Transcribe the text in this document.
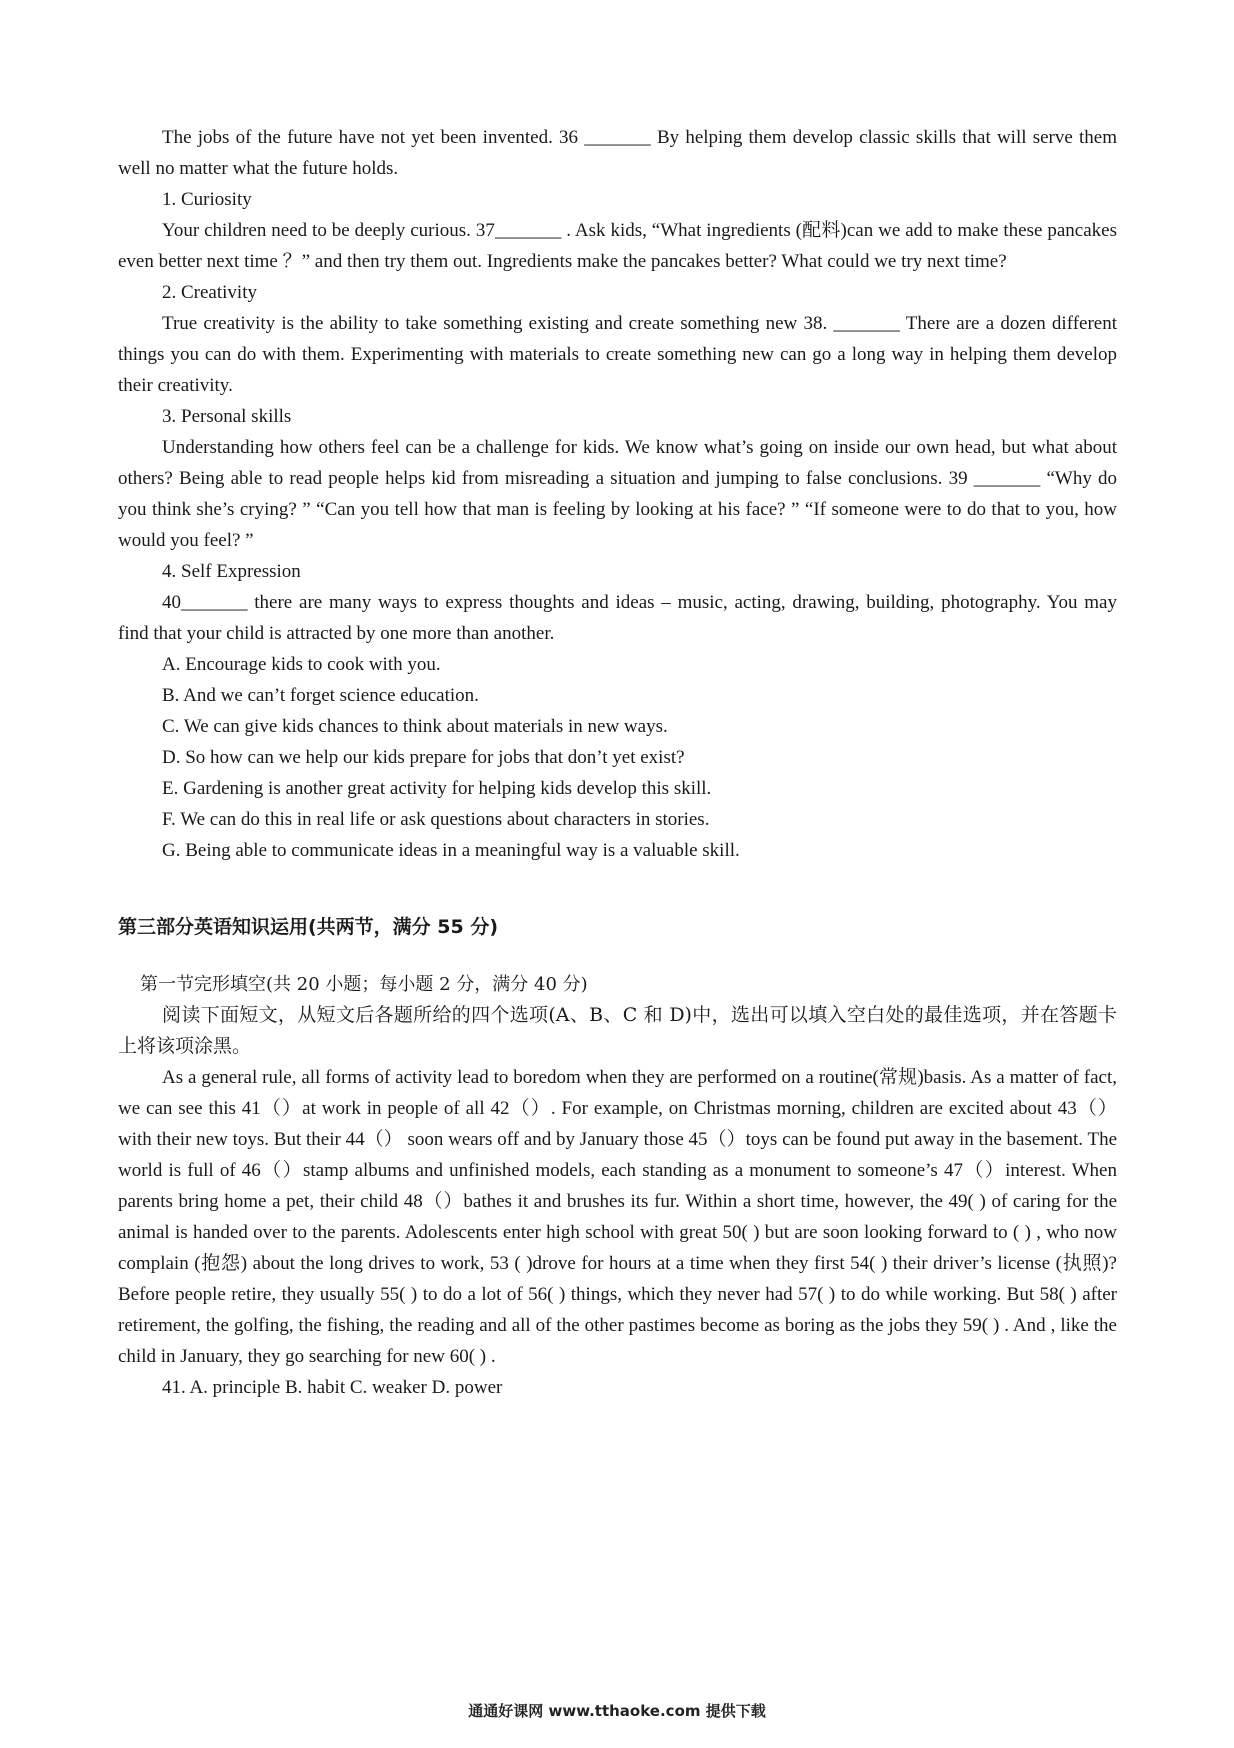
The jobs of the future have not yet been invented. 36 _______ By helping them develop classic skills that will serve them well no matter what the future holds.

1. Curiosity

Your children need to be deeply curious. 37_______ . Ask kids, “What ingredients (配料)can we add to make these pancakes even better next time ？” and then try them out. Ingredients make the pancakes better? What could we try next time?

2. Creativity

True creativity is the ability to take something existing and create something new 38. _______ There are a dozen different things you can do with them. Experimenting with materials to create something new can go a long way in helping them develop their creativity.

3. Personal skills

Understanding how others feel can be a challenge for kids. We know what’s going on inside our own head, but what about others? Being able to read people helps kid from misreading a situation and jumping to false conclusions. 39 _______ “Why do you think she’s crying? ” “Can you tell how that man is feeling by looking at his face? ” “If someone were to do that to you, how would you feel? ”

4. Self Expression

40_______ there are many ways to express thoughts and ideas – music, acting, drawing, building, photography. You may find that your child is attracted by one more than another.

A. Encourage kids to cook with you.

B. And we can’t forget science education.

C. We can give kids chances to think about materials in new ways.

D. So how can we help our kids prepare for jobs that don’t yet exist?

E. Gardening is another great activity for helping kids develop this skill.

F. We can do this in real life or ask questions about characters in stories.

G. Being able to communicate ideas in a meaningful way is a valuable skill.

第三部分英语知识运用(共两节，满分 55 分)

第一节完形填空(共 20 小题；每小题 2 分，满分 40 分)

阅读下面短文，从短文后各题所给的四个选项(A、B、C 和 D)中，选出可以填入空白处的最佳选项，并在答题卡上将该项涂黑。

As a general rule, all forms of activity lead to boredom when they are performed on a routine(常规)basis. As a matter of fact, we can see this 41（）at work in people of all 42（）. For example, on Christmas morning, children are excited about 43（） with their new toys. But their 44（） soon wears off and by January those 45（）toys can be found put away in the basement. The world is full of 46（）stamp albums and unfinished models, each standing as a monument to someone’s 47（）interest. When parents bring home a pet, their child 48（）bathes it and brushes its fur. Within a short time, however, the 49( ) of caring for the animal is handed over to the parents. Adolescents enter high school with great 50( ) but are soon looking forward to ( ) , who now complain (抱怨) about the long drives to work, 53 ( )drove for hours at a time when they first 54( ) their driver’s license (执照)? Before people retire, they usually 55( ) to do a lot of 56( ) things, which they never had 57( ) to do while working. But 58( ) after retirement, the golfing, the fishing, the reading and all of the other pastimes become as boring as the jobs they 59( ) . And , like the child in January, they go searching for new 60( ) .

41. A. principle B. habit C. weaker D. power

通通好课网 www.tthaoke.com 提供下载
